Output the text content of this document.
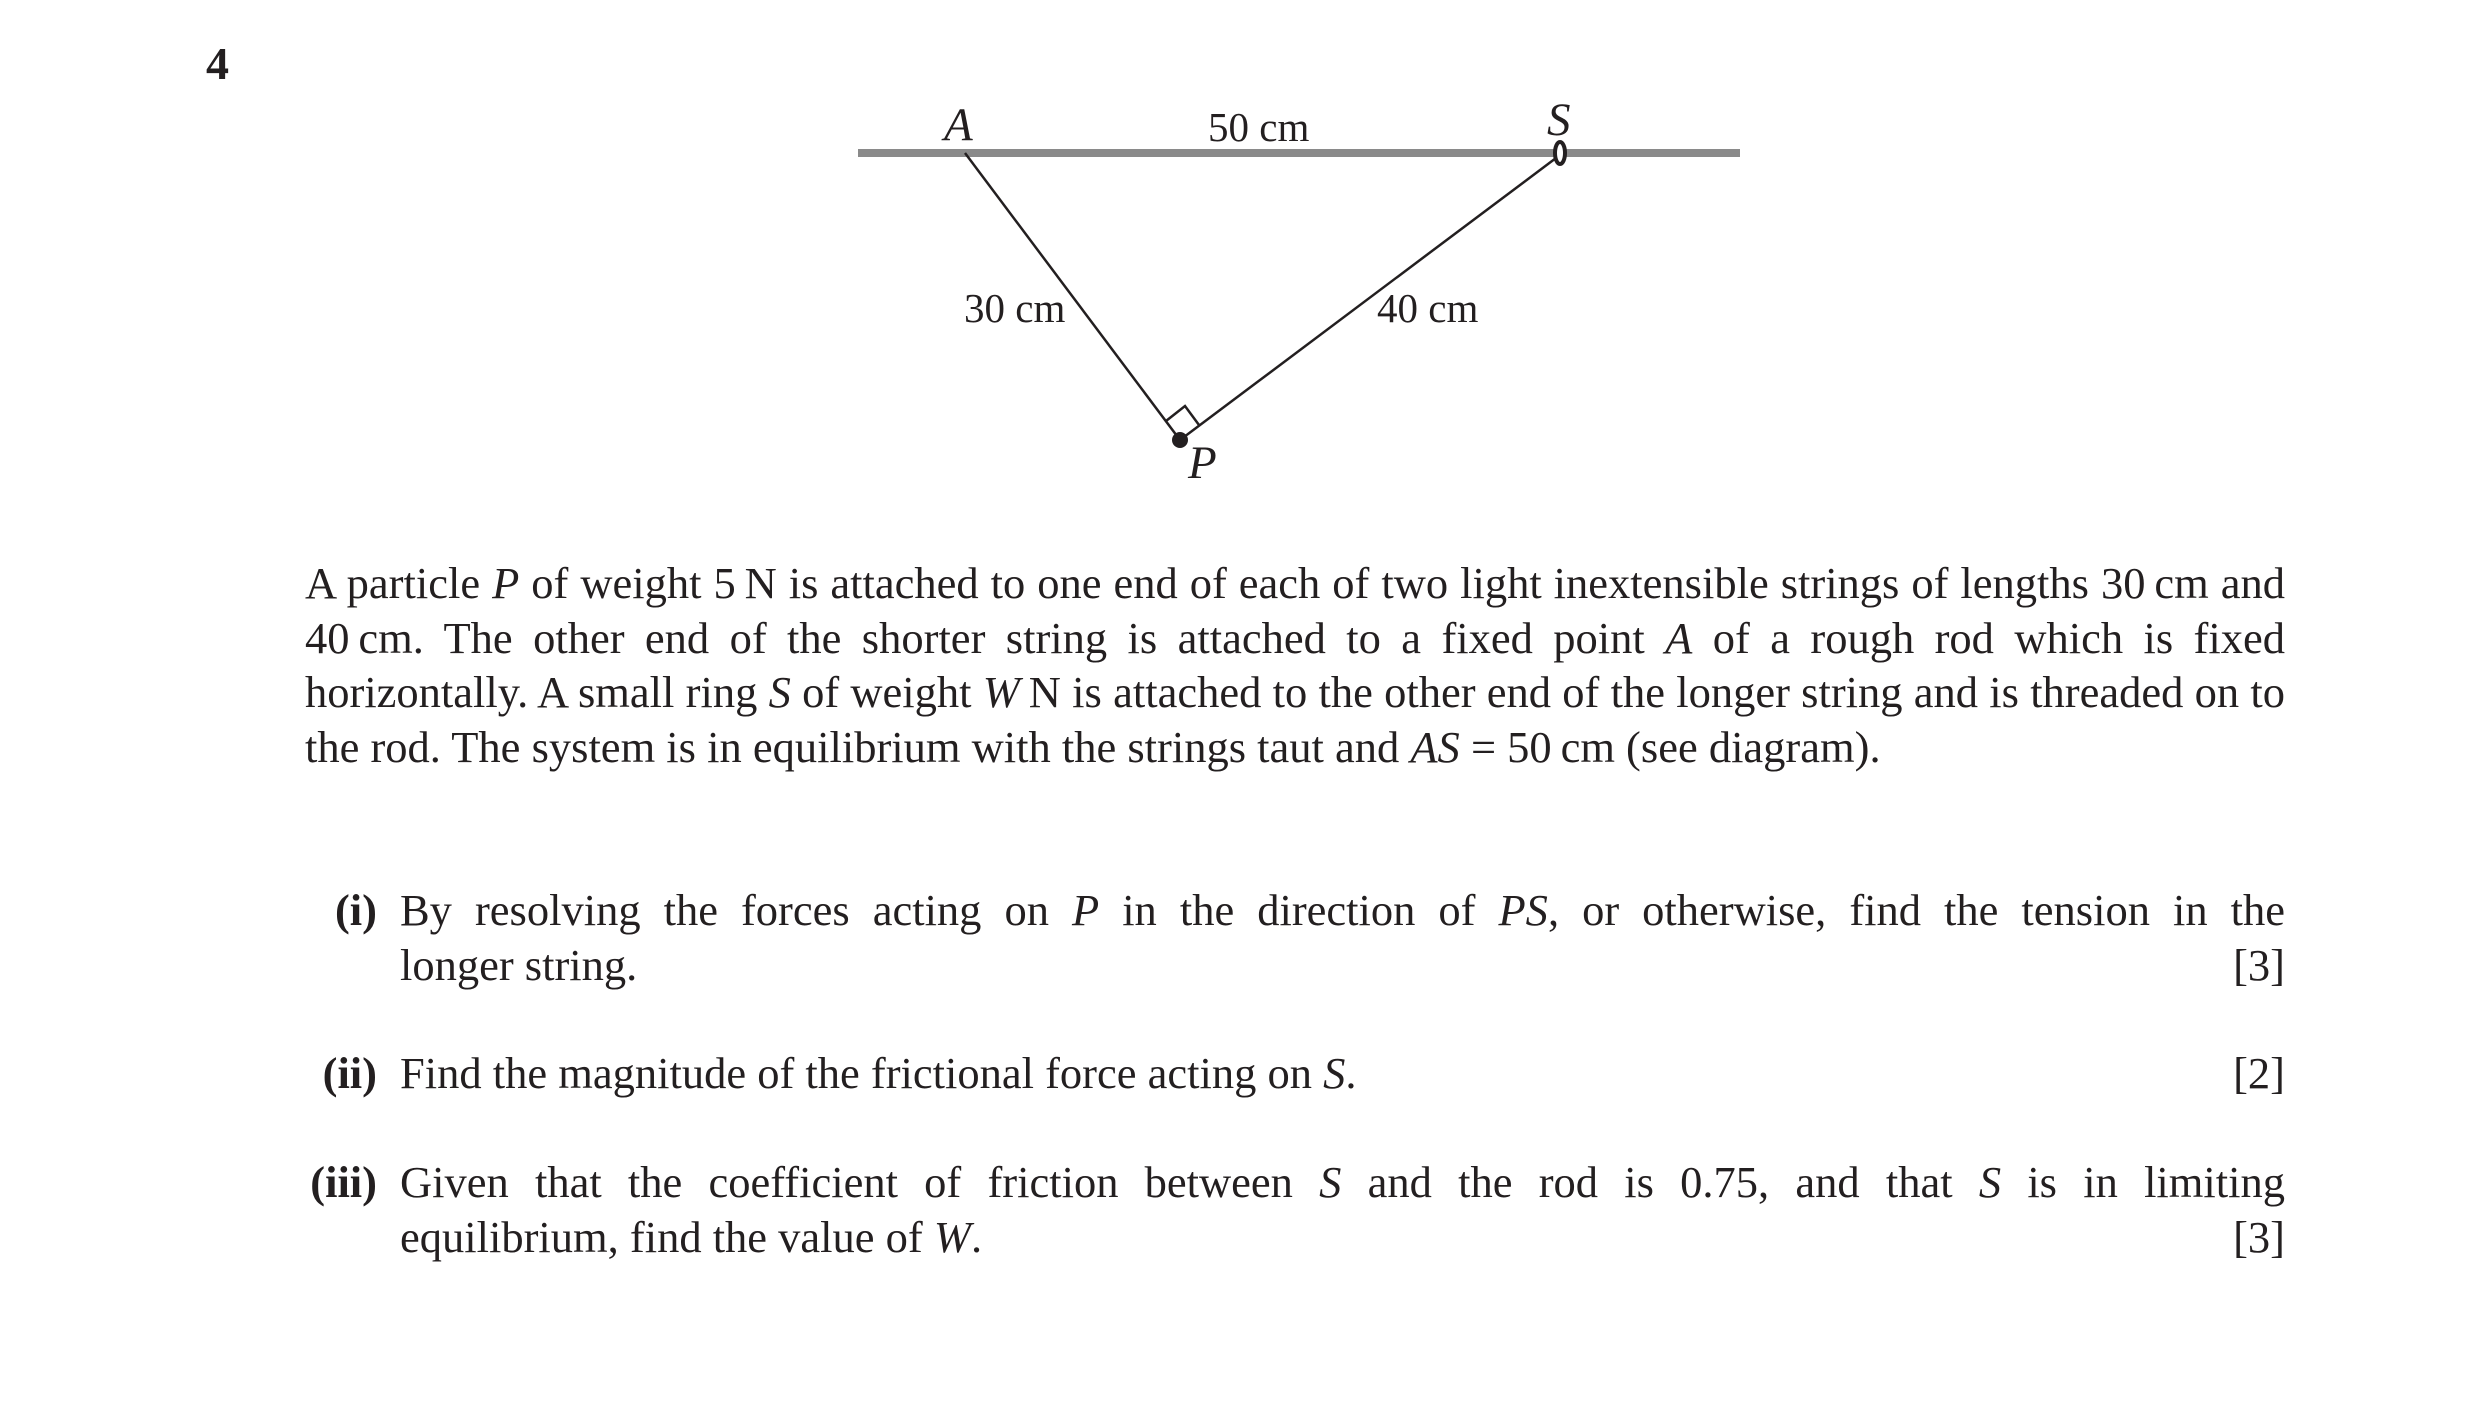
4
A	S
P
50 cm
30 cm	40 cm
A particle P of weight 5 N is attached to one end of each of two light inextensible strings of lengths 30 cm and 40 cm. The other end of the shorter string is attached to a fixed point A of a rough rod which is fixed horizontally. A small ring S of weight W N is attached to the other end of the longer string and is threaded on to the rod. The system is in equilibrium with the strings taut and AS = 50 cm (see diagram).
(i) By resolving the forces acting on P in the direction of PS, or otherwise, find the tension in the
longer string.	[3]
(ii) Find the magnitude of the frictional force acting on S.	[2]
(iii) Given that the coefficient of friction between S and the rod is 0.75, and that S is in limiting
equilibrium, find the value of W.	[3]
